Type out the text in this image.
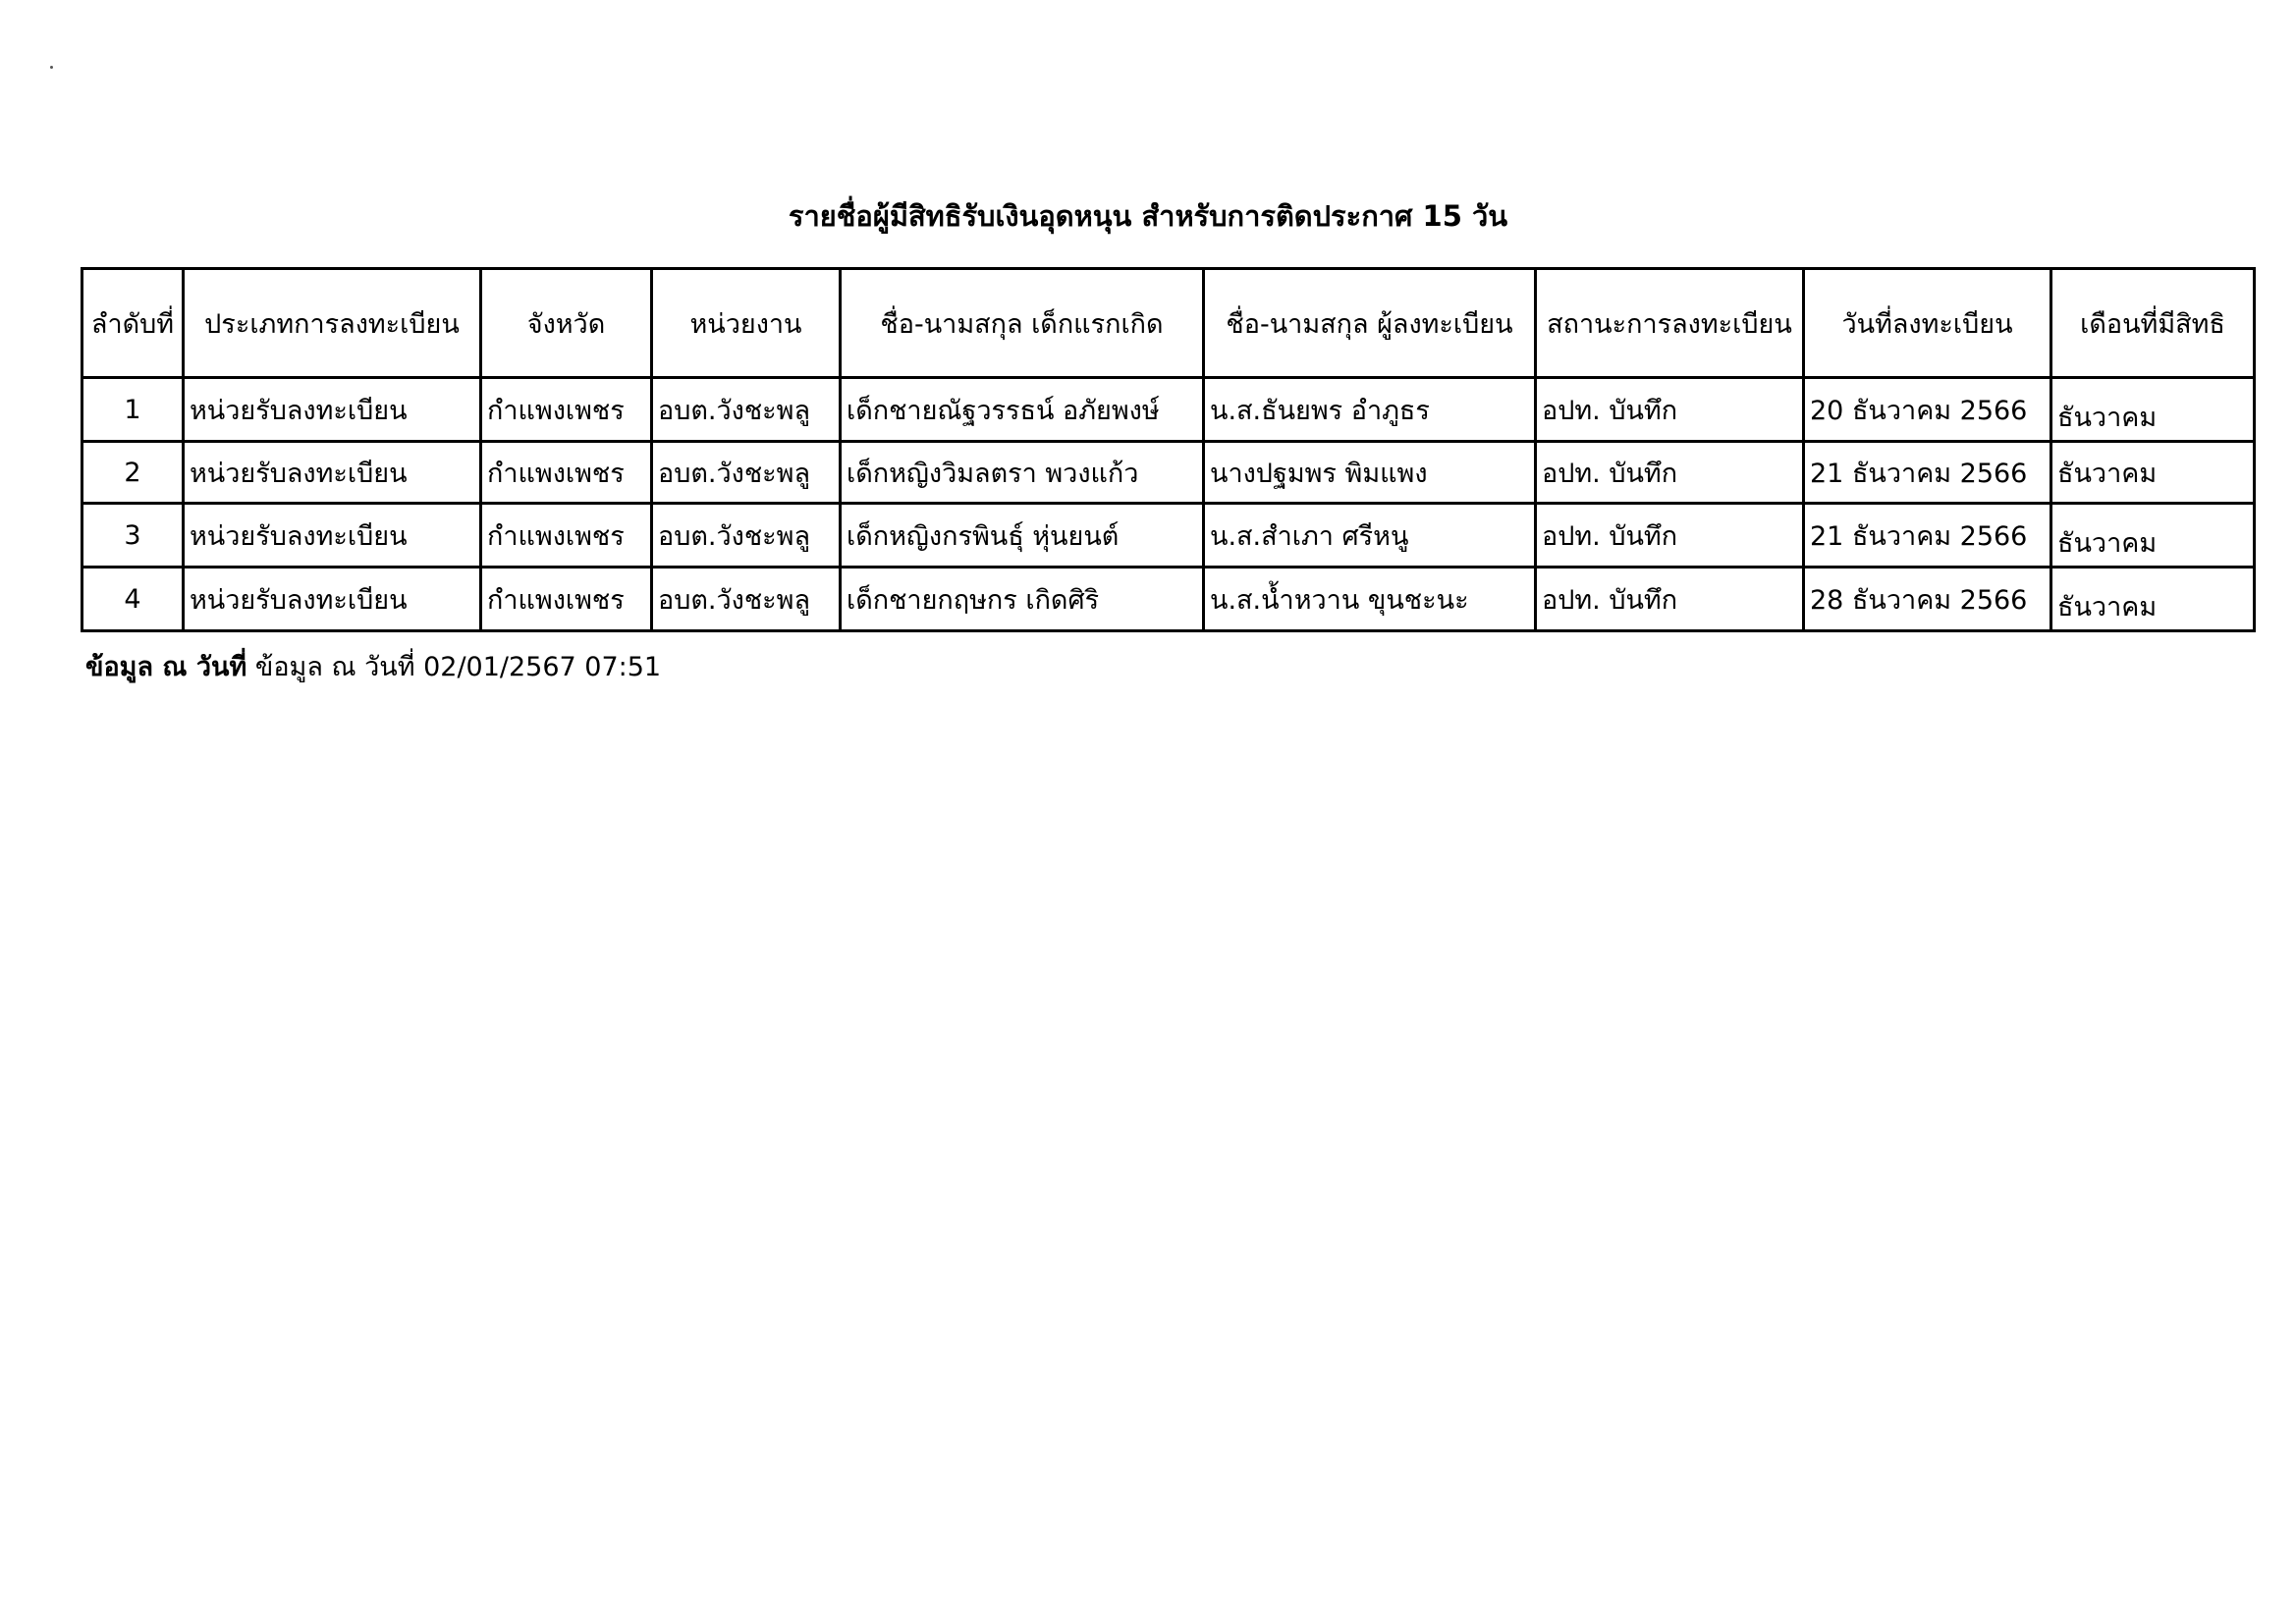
รายชื่อผู้มีสิทธิรับเงินอุดหนุน สำหรับการติดประกาศ 15 วัน
ลำดับที่	ประเภทการลงทะเบียน	จังหวัด	หน่วยงาน	ชื่อ-นามสกุล เด็กแรกเกิด	ชื่อ-นามสกุล ผู้ลงทะเบียน	สถานะการลงทะเบียน	วันที่ลงทะเบียน	เดือนที่มีสิทธิ
1	หน่วยรับลงทะเบียน	กำแพงเพชร	อบต.วังชะพลู	เด็กชายณัฐวรรธน์ อภัยพงษ์	น.ส.ธันยพร อำภูธร	อปท. บันทึก	20 ธันวาคม 2566	ธันวาคม
2	หน่วยรับลงทะเบียน	กำแพงเพชร	อบต.วังชะพลู	เด็กหญิงวิมลตรา พวงแก้ว	นางปฐมพร พิมแพง	อปท. บันทึก	21 ธันวาคม 2566	ธันวาคม
3	หน่วยรับลงทะเบียน	กำแพงเพชร	อบต.วังชะพลู	เด็กหญิงกรพินธุ์ หุ่นยนต์	น.ส.สำเภา ศรีหนู	อปท. บันทึก	21 ธันวาคม 2566	ธันวาคม
4	หน่วยรับลงทะเบียน	กำแพงเพชร	อบต.วังชะพลู	เด็กชายกฤษกร เกิดศิริ	น.ส.น้ำหวาน ขุนชะนะ	อปท. บันทึก	28 ธันวาคม 2566	ธันวาคม
ข้อมูล ณ วันที่ ข้อมูล ณ วันที่ 02/01/2567 07:51
